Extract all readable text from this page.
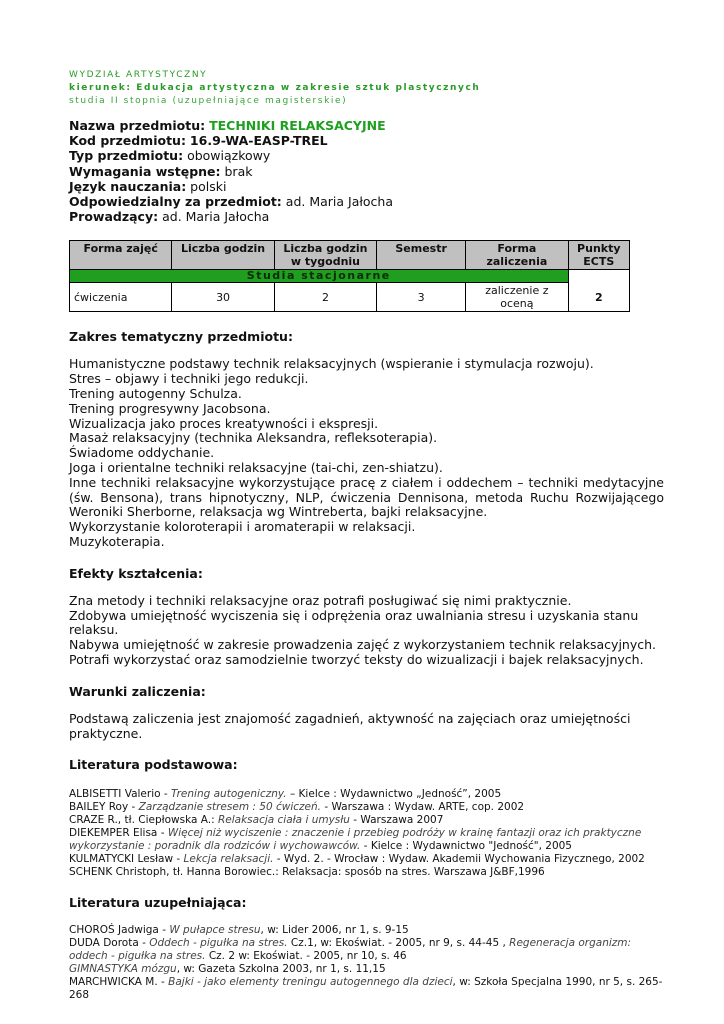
WYDZIAŁ ARTYSTYCZNY
kierunek: Edukacja artystyczna w zakresie sztuk plastycznych
studia II stopnia (uzupełniające magisterskie)
Nazwa przedmiotu: TECHNIKI RELAKSACYJNE
Kod przedmiotu: 16.9-WA-EASP-TREL
Typ przedmiotu: obowiązkowy
Wymagania wstępne: brak
Język nauczania: polski
Odpowiedzialny za przedmiot: ad. Maria Jałocha
Prowadzący: ad. Maria Jałocha
Forma zajęć	Liczba godzin	Liczba godzin w tygodniu	Semestr	Forma zaliczenia	Punkty ECTS
Studia stacjonarne					
ćwiczenia	30	2	3	zaliczenie z oceną	2
Zakres tematyczny przedmiotu:

Humanistyczne podstawy technik relaksacyjnych (wspieranie i stymulacja rozwoju).

Stres – objawy i techniki jego redukcji.

Trening autogenny Schulza.

Trening progresywny Jacobsona.

Wizualizacja jako proces kreatywności i ekspresji.

Masaż relaksacyjny (technika Aleksandra, refleksoterapia).

Świadome oddychanie.

Joga i orientalne techniki relaksacyjne (tai-chi, zen-shiatzu).

Inne techniki relaksacyjne wykorzystujące pracę z ciałem i oddechem – techniki medytacyjne (św. Bensona), trans hipnotyczny, NLP, ćwiczenia Dennisona, metoda Ruchu Rozwijającego Weroniki Sherborne, relaksacja wg Wintreberta, bajki relaksacyjne.

Wykorzystanie koloroterapii i aromaterapii w relaksacji.

Muzykoterapia.

Efekty kształcenia:

Zna metody i techniki relaksacyjne oraz potrafi posługiwać się nimi praktycznie.

Zdobywa umiejętność wyciszenia się i odprężenia oraz uwalniania stresu i uzyskania stanu relaksu.

Nabywa umiejętność w zakresie prowadzenia zajęć z wykorzystaniem technik relaksacyjnych.

Potrafi wykorzystać oraz samodzielnie tworzyć teksty do wizualizacji i bajek relaksacyjnych.

Warunki zaliczenia:

Podstawą zaliczenia jest znajomość zagadnień, aktywność na zajęciach oraz umiejętności praktyczne.

Literatura podstawowa:

ALBISETTI Valerio - Trening autogeniczny. – Kielce : Wydawnictwo „Jedność”, 2005

BAILEY Roy - Zarządzanie stresem : 50 ćwiczeń. - Warszawa : Wydaw. ARTE, cop. 2002

CRAZE R., tł. Ciepłowska A.: Relaksacja ciała i umysłu - Warszawa 2007

DIEKEMPER Elisa - Więcej niż wyciszenie : znaczenie i przebieg podróży w krainę fantazji oraz ich praktyczne wykorzystanie : poradnik dla rodziców i wychowawców. - Kielce : Wydawnictwo "Jedność", 2005

KULMATYCKI Lesław - Lekcja relaksacji. - Wyd. 2. - Wrocław : Wydaw. Akademii Wychowania Fizycznego, 2002

SCHENK Christoph, tł. Hanna Borowiec.: Relaksacja: sposób na stres. Warszawa J&BF,1996

Literatura uzupełniająca:

CHOROŚ Jadwiga - W pułapce stresu, w: Lider 2006, nr 1, s. 9-15

DUDA Dorota - Oddech - pigułka na stres. Cz.1, w: Ekoświat. - 2005, nr 9, s. 44-45 , Regeneracja organizm: oddech - pigułka na stres. Cz. 2 w: Ekoświat. - 2005, nr 10, s. 46

GIMNASTYKA mózgu, w: Gazeta Szkolna 2003, nr 1, s. 11,15

MARCHWICKA M. - Bajki - jako elementy treningu autogennego dla dzieci, w: Szkoła Specjalna 1990, nr 5, s. 265-268
